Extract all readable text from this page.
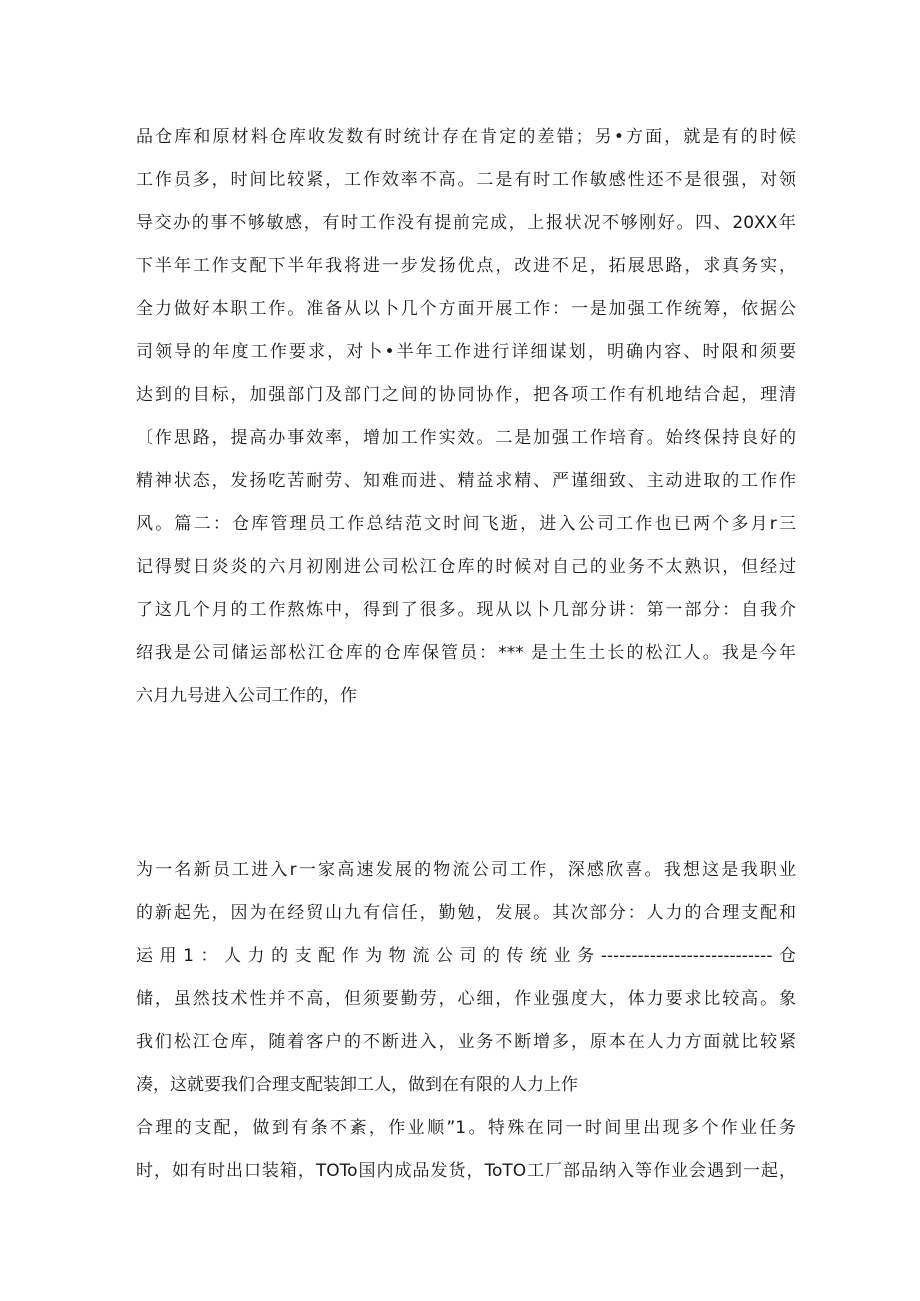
品仓库和原材料仓库收发数有时统计存在肯定的差错；另•方面，就是有的时候
工作员多，时间比较紧，工作效率不高。二是有时工作敏感性还不是很强，对领
导交办的事不够敏感，有时工作没有提前完成，上报状况不够刚好。四、20XX年
下半年工作支配下半年我将进一步发扬优点，改进不足，拓展思路，求真务实，
全力做好本职工作。准备从以卜几个方面开展工作：一是加强工作统筹，依据公
司领导的年度工作要求，对卜•半年工作进行详细谋划，明确内容、时限和须要
达到的目标，加强部门及部门之间的协同协作，把各项工作有机地结合起，理清
〔作思路，提高办事效率，增加工作实效。二是加强工作培育。始终保持良好的
精神状态，发扬吃苦耐劳、知难而进、精益求精、严谨细致、主动进取的工作作
风。篇二：仓库管理员工作总结范文时间飞逝，进入公司工作也已两个多月r三
记得熨日炎炎的六月初刚进公司松江仓库的时候对自己的业务不太熟识，但经过
了这几个月的工作熬炼中，得到了很多。现从以卜几部分讲：第一部分：自我介
绍我是公司储运部松江仓库的仓库保管员：*** 是土生土长的松江人。我是今年
六月九号进入公司工作的，作
为一名新员工进入r一家高速发展的物流公司工作，深感欣喜。我想这是我职业
的新起先，因为在经贸山九有信任，勤勉，发展。其次部分：人力的合理支配和
运用1：人力的支配作为物流公司的传统业务----------------------------仓
储，虽然技术性并不高，但须要勤劳，心细，作业强度大，体力要求比较高。象
我们松江仓库，随着客户的不断进入，业务不断增多，原本在人力方面就比较紧
凑，这就要我们合理支配装卸工人，做到在有限的人力上作
合理的支配，做到有条不紊，作业顺”1。特殊在同一时间里出现多个作业任务
时，如有时出口装箱，TOTo国内成品发货，ToTO工厂部品纳入等作业会遇到一起，
